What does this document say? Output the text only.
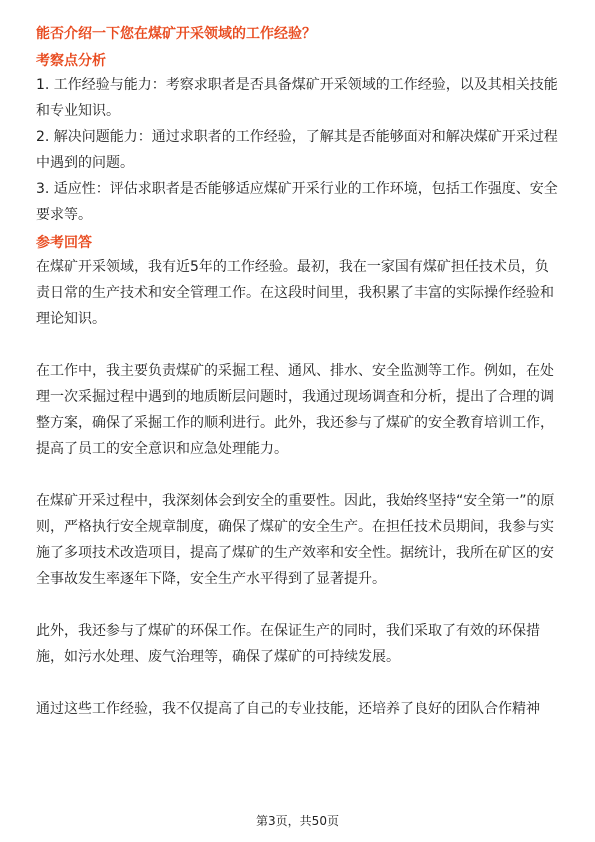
能否介绍一下您在煤矿开采领域的工作经验？

考察点分析

1. 工作经验与能力：考察求职者是否具备煤矿开采领域的工作经验，以及其相关技能和专业知识。

2. 解决问题能力：通过求职者的工作经验，了解其是否能够面对和解决煤矿开采过程中遇到的问题。

3. 适应性：评估求职者是否能够适应煤矿开采行业的工作环境，包括工作强度、安全要求等。

参考回答

在煤矿开采领域，我有近5年的工作经验。最初，我在一家国有煤矿担任技术员，负责日常的生产技术和安全管理工作。在这段时间里，我积累了丰富的实际操作经验和理论知识。

在工作中，我主要负责煤矿的采掘工程、通风、排水、安全监测等工作。例如，在处理一次采掘过程中遇到的地质断层问题时，我通过现场调查和分析，提出了合理的调整方案，确保了采掘工作的顺利进行。此外，我还参与了煤矿的安全教育培训工作，提高了员工的安全意识和应急处理能力。

在煤矿开采过程中，我深刻体会到安全的重要性。因此，我始终坚持“安全第一”的原则，严格执行安全规章制度，确保了煤矿的安全生产。在担任技术员期间，我参与实施了多项技术改造项目，提高了煤矿的生产效率和安全性。据统计，我所在矿区的安全事故发生率逐年下降，安全生产水平得到了显著提升。

此外，我还参与了煤矿的环保工作。在保证生产的同时，我们采取了有效的环保措施，如污水处理、废气治理等，确保了煤矿的可持续发展。

通过这些工作经验，我不仅提高了自己的专业技能，还培养了良好的团队合作精神

第3页，共50页
